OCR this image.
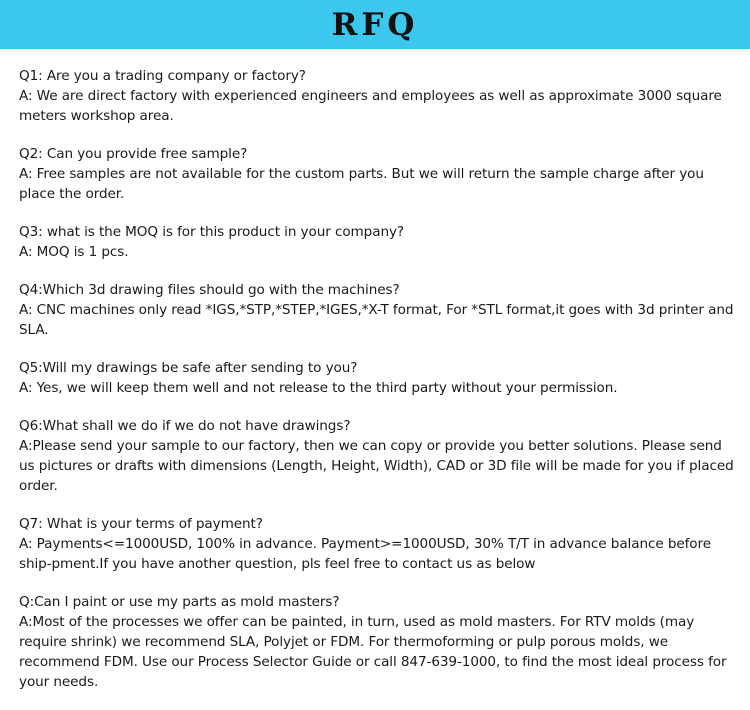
RFQ

Q1: Are you a trading company or factory?

A: We are direct factory with experienced engineers and employees as well as approximate 3000 square meters workshop area.

Q2: Can you provide free sample?

A: Free samples are not available for the custom parts. But we will return the sample charge after you place the order.

Q3: what is the MOQ is for this product in your company?

A: MOQ is 1 pcs.

Q4:Which 3d drawing files should go with the machines?

A: CNC machines only read *IGS,*STP,*STEP,*IGES,*X-T format, For *STL format,it goes with 3d printer and SLA.

Q5:Will my drawings be safe after sending to you?

A: Yes, we will keep them well and not release to the third party without your permission.

Q6:What shall we do if we do not have drawings?

A:Please send your sample to our factory, then we can copy or provide you better solutions. Please send us pictures or drafts with dimensions (Length, Height, Width), CAD or 3D file will be made for you if placed order.

Q7: What is your terms of payment?

A: Payments<=1000USD, 100% in advance. Payment>=1000USD, 30% T/T in advance balance before ship-pment.If you have another question, pls feel free to contact us as below

Q:Can I paint or use my parts as mold masters?

A:Most of the processes we offer can be painted, in turn, used as mold masters. For RTV molds (may require shrink) we recommend SLA, Polyjet or FDM. For thermoforming or pulp porous molds, we recommend FDM. Use our Process Selector Guide or call 847-639-1000, to find the most ideal process for your needs.
